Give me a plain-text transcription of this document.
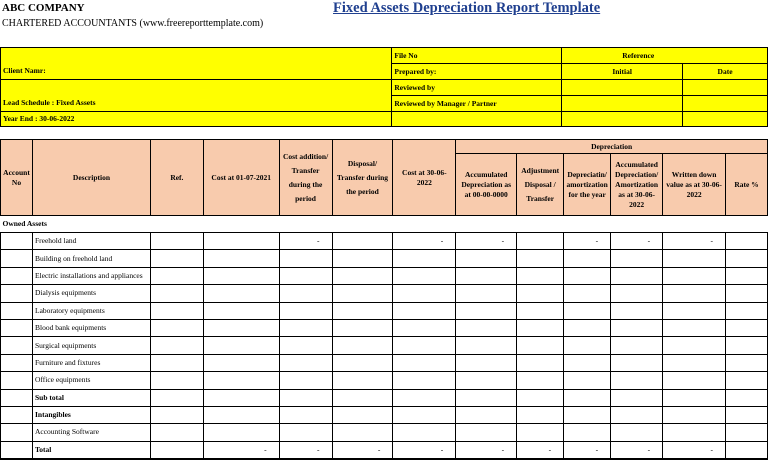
ABC COMPANY
CHARTERED ACCOUNTANTS (www.freereporttemplate.com)
Fixed Assets Depreciation Report Template
Client Namr:	File No	Reference	
	Prepared by:	Initial	Date
Lead Schedule : Fixed Assets	Reviewed by		
	Reviewed by Manager / Partner		
Year End : 30-06-2022			
Account No	Description	Ref.	Cost at 01-07-2021	Cost addition/ Transfer during the period	Disposal/ Transfer during the period	Cost at 30-06-2022	Depreciation					
							Accumulated Depreciation as at 00-00-0000	Adjustment Disposal / Transfer	Depreciatin/ amortization for the year	Accumulated Depreciation/ Amortization as at 30-06-2022	Written down value as at 30-06-2022	Rate %
Owned Assets												
	Freehold land			-		-	-		-	-	-	
	Building on freehold land											
	Electric installations and appliances											
	Dialysis equipments											
	Laboratory equipments											
	Blood bank equipments											
	Surgical equipments											
	Furniture and fixtures											
	Office equipments											
	Sub total											
	Intangibles											
	Accounting Software											
	Total		-	-	-	-	-	-	-	-	-	
